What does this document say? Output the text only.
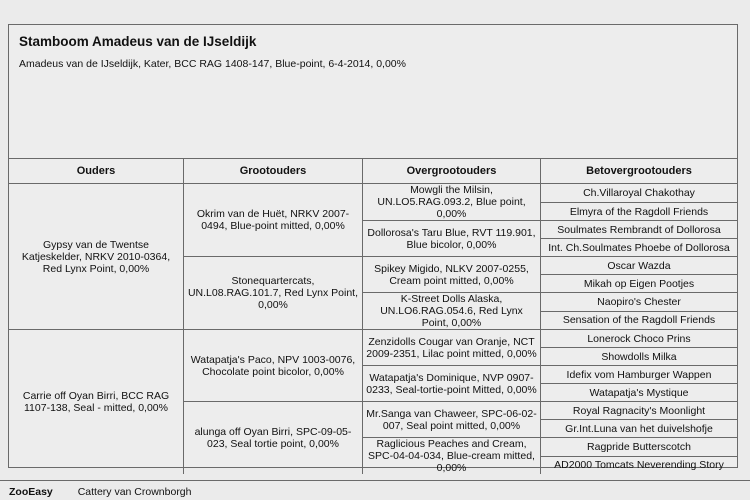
Stamboom Amadeus van de IJseldijk
Amadeus van de IJseldijk, Kater, BCC RAG 1408-147, Blue-point, 6-4-2014, 0,00%
Ouders	Grootouders	Overgrootouders	Betovergrootouders
Gypsy van de Twentse Katjeskelder, NRKV 2010-0364, Red Lynx Point, 0,00%	Okrim van de Huët, NRKV 2007-0494, Blue-point mitted, 0,00%	Mowgli the Milsin, UN.LO5.RAG.093.2, Blue point, 0,00%	Ch.Villaroyal Chakothay
			Elmyra of the Ragdoll Friends
		Dollorosa's Taru Blue, RVT 119.901, Blue bicolor, 0,00%	Soulmates Rembrandt of Dollorosa
			Int. Ch.Soulmates Phoebe of Dollorosa
	Stonequartercats, UN.L08.RAG.101.7, Red Lynx Point, 0,00%	Spikey Migido, NLKV 2007-0255, Cream point mitted, 0,00%	Oscar Wazda
			Mikah op Eigen Pootjes
		K-Street Dolls Alaska, UN.LO6.RAG.054.6, Red Lynx Point, 0,00%	Naopiro's Chester
			Sensation of the Ragdoll Friends
Carrie off Oyan Birri, BCC RAG 1107-138, Seal - mitted, 0,00%	Watapatja's Paco, NPV 1003-0076, Chocolate point bicolor, 0,00%	Zenzidolls Cougar van Oranje, NCT 2009-2351, Lilac point mitted, 0,00%	Lonerock Choco Prins
			Showdolls Milka
		Watapatja's Dominique, NVP 0907-0233, Seal-tortie-point Mitted, 0,00%	Idefix vom Hamburger Wappen
			Watapatja's Mystique
	alunga off Oyan Birri, SPC-09-05-023, Seal tortie point, 0,00%	Mr.Sanga van Chaweer, SPC-06-02-007, Seal point mitted, 0,00%	Royal Ragnacity's Moonlight
			Gr.Int.Luna van het duivelshofje
		Raglicious Peaches and Cream, SPC-04-04-034, Blue-cream mitted, 0,00%	Ragpride Butterscotch
			AD2000 Tomcats Neverending Story
ZooEasy Cattery van Crownborgh
